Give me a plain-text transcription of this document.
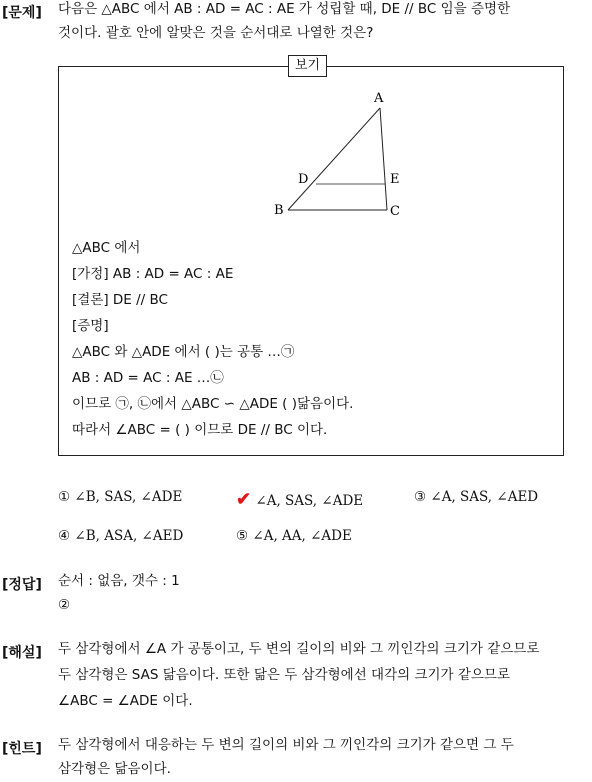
[문제] 다음은 △ABC 에서 AB : AD = AC : AE 가 성립할 때, DE // BC 임을 증명한
것이다. 괄호 안에 알맞은 것을 순서대로 나열한 것은?
보기
A
B	C
D	E
△ABC 에서
[가정] AB : AD = AC : AE
[결론] DE // BC
[증명]
△ABC 와 △ADE 에서 ( )는 공통 …㉠
AB : AD = AC : AE …㉡
이므로 ㉠, ㉡에서 △ABC ∽ △ADE ( )닮음이다.
따라서 ∠ABC = ( ) 이므로 DE // BC 이다.
① ∠B, SAS, ∠ADE	✔ ∠A, SAS, ∠ADE	③ ∠A, SAS, ∠AED
④ ∠B, ASA, ∠AED	⑤ ∠A, AA, ∠ADE
[정답] 순서 : 없음, 갯수 : 1
②
[해설] 두 삼각형에서 ∠A 가 공통이고, 두 변의 길이의 비와 그 끼인각의 크기가 같으므로
두 삼각형은 SAS 닮음이다. 또한 닮은 두 삼각형에선 대각의 크기가 같으므로
∠ABC = ∠ADE 이다.
[힌트] 두 삼각형에서 대응하는 두 변의 길이의 비와 그 끼인각의 크기가 같으면 그 두
삼각형은 닮음이다.
